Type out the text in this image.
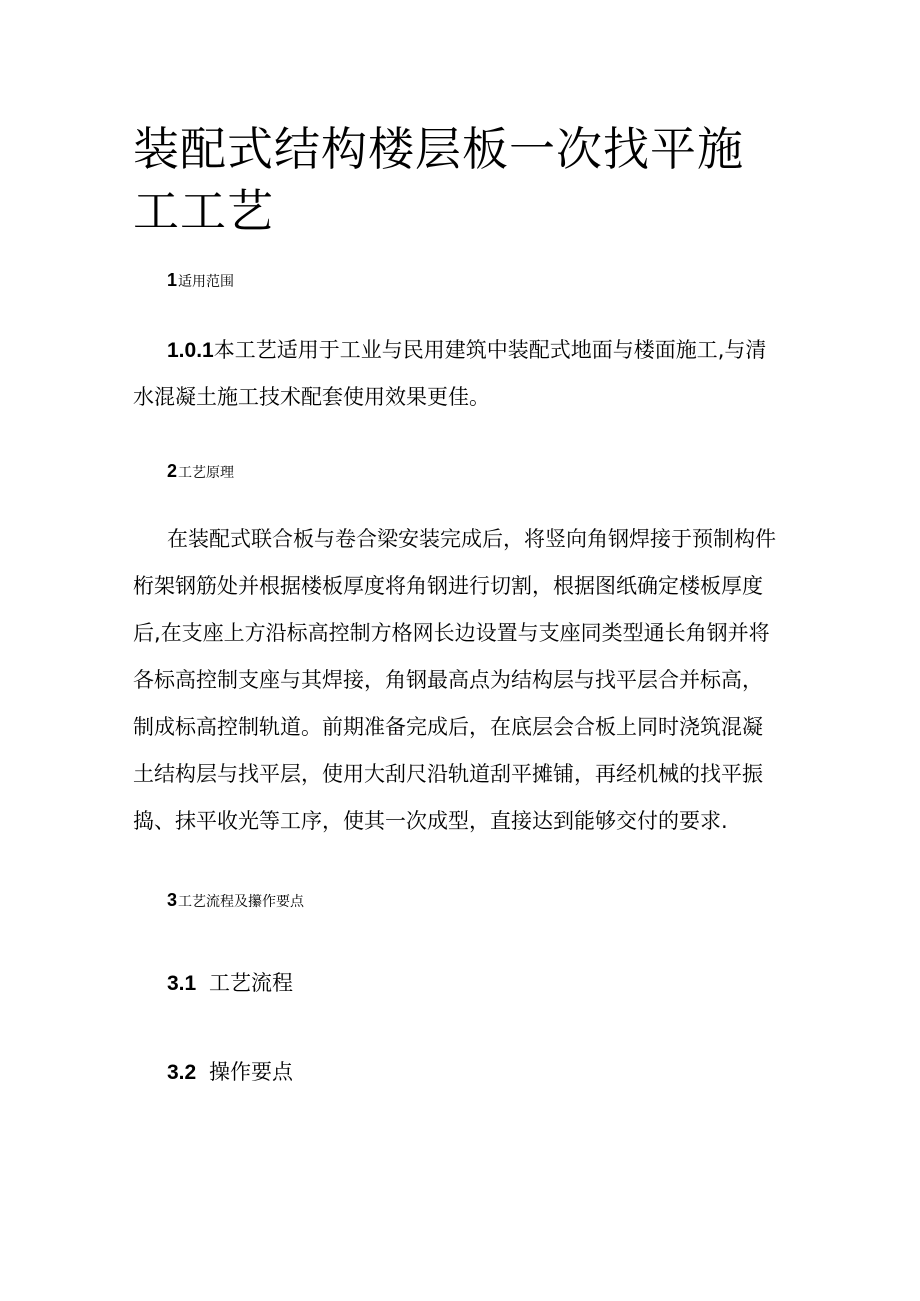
装配式结构楼层板一次找平施工工艺
1适用范围

1.0.1本工艺适用于工业与民用建筑中装配式地面与楼面施工,与清水混凝土施工技术配套使用效果更佳。

2工艺原理

在装配式联合板与卷合梁安装完成后，将竖向角钢焊接于预制构件桁架钢筋处并根据楼板厚度将角钢进行切割，根据图纸确定楼板厚度后,在支座上方沿标高控制方格网长边设置与支座同类型通长角钢并将各标高控制支座与其焊接，角钢最高点为结构层与找平层合并标高，制成标高控制轨道。前期准备完成后，在底层会合板上同时浇筑混凝土结构层与找平层，使用大刮尺沿轨道刮平摊铺，再经机械的找平振捣、抹平收光等工序，使其一次成型，直接达到能够交付的要求.

3工艺流程及攥作要点
3.1 工艺流程
3.2 操作要点
